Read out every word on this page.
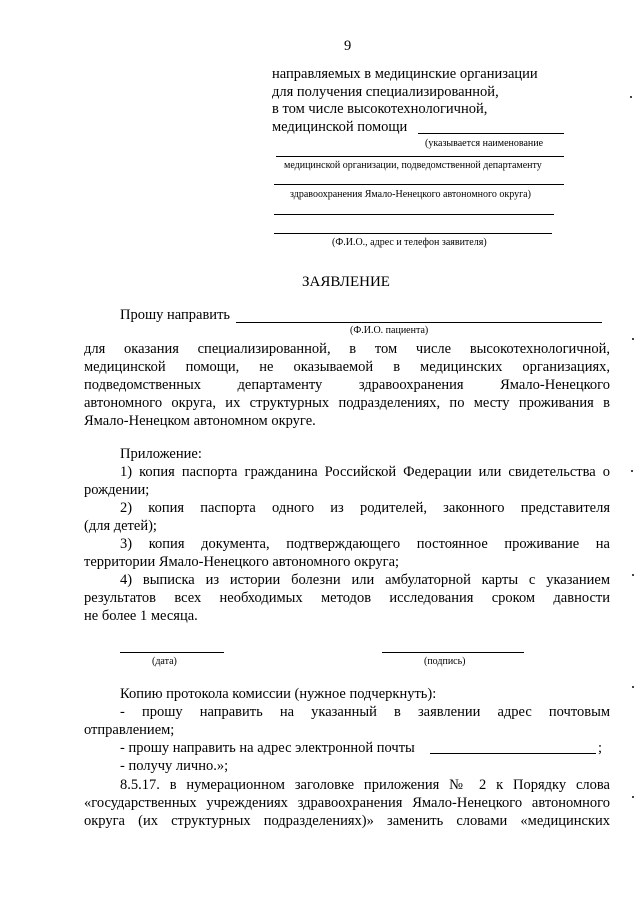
9
направляемых в медицинские организации
для получения специализированной,
в том числе высокотехнологичной,
медицинской помощи
(указывается наименование
медицинской организации, подведомственной департаменту
здравоохранения Ямало-Ненецкого автономного округа)
(Ф.И.О., адрес и телефон заявителя)
ЗАЯВЛЕНИЕ
Прошу направить
(Ф.И.О. пациента)
для оказания специализированной, в том числе высокотехнологичной,
медицинской помощи, не оказываемой в медицинских организациях,
подведомственных департаменту здравоохранения Ямало-Ненецкого
автономного округа, их структурных подразделениях, по месту проживания в
Ямало-Ненецком автономном округе.
Приложение:
1) копия паспорта гражданина Российской Федерации или свидетельства о
рождении;
2) копия паспорта одного из родителей, законного представителя
(для детей);
3) копия документа, подтверждающего постоянное проживание на
территории Ямало-Ненецкого автономного округа;
4) выписка из истории болезни или амбулаторной карты с указанием
результатов всех необходимых методов исследования сроком давности
не более 1 месяца.
(дата)	(подпись)
Копию протокола комиссии (нужное подчеркнуть):
- прошу направить на указанный в заявлении адрес почтовым
отправлением;
- прошу направить на адрес электронной почты	;
- получу лично.»;
8.5.17. в нумерационном заголовке приложения № 2 к Порядку слова
«государственных учреждениях здравоохранения Ямало-Ненецкого автономного
округа (их структурных подразделениях)» заменить словами «медицинских
